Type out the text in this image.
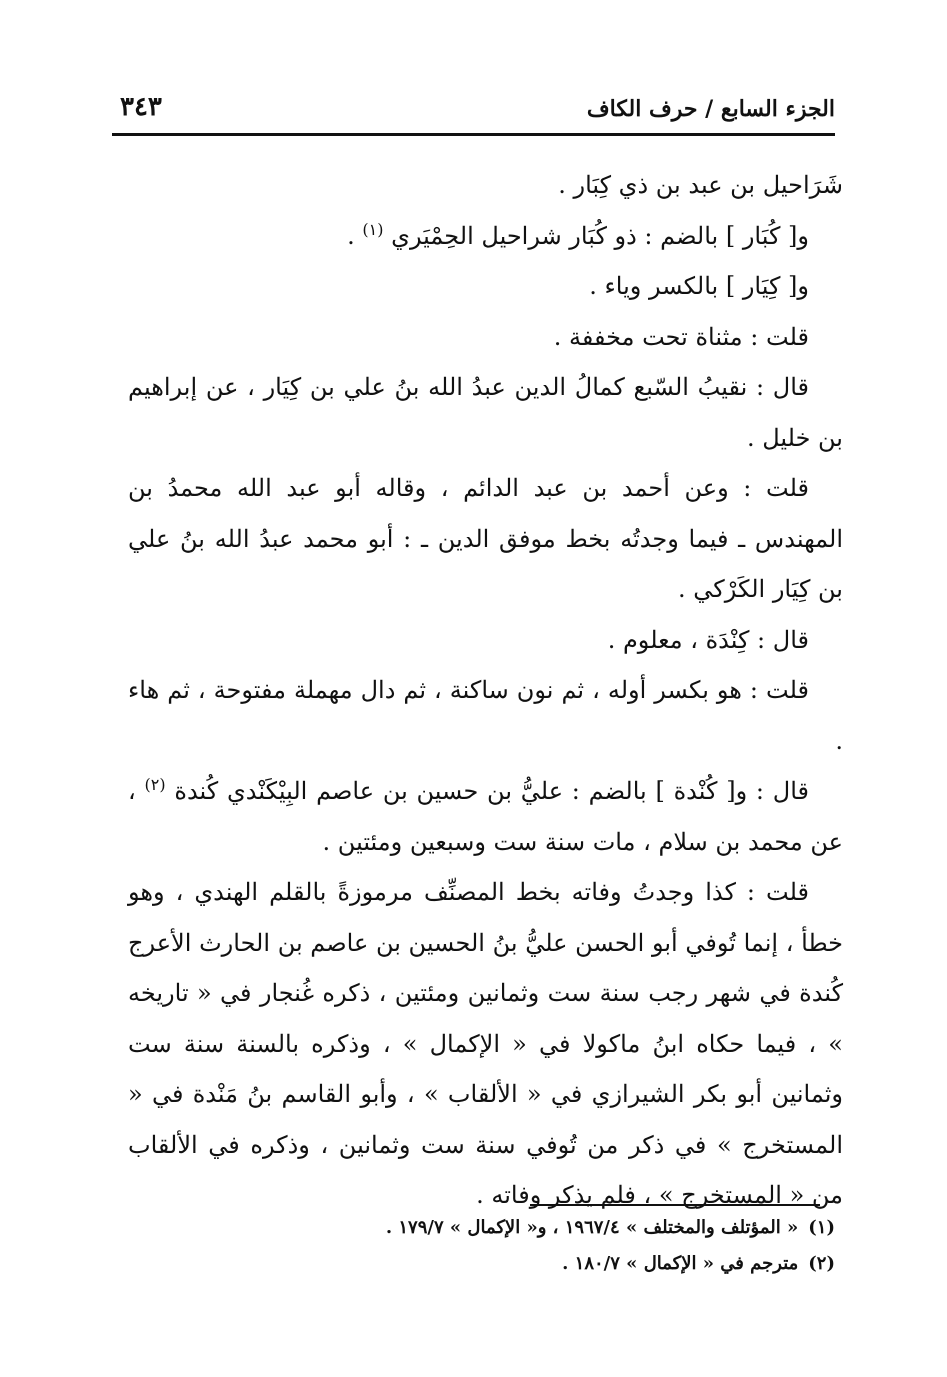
الجزء السابع / حرف الكاف
٣٤٣

شَرَاحيل بن عبد بن ذي كِبَار .

و[ كُبَار ] بالضم : ذو كُبَار شراحيل الحِمْيَري $^{(١)}$ .

و[ كِيَار ] بالكسر وياء .

قلت : مثناة تحت مخففة .

قال : نقيبُ السّبع كمالُ الدين عبدُ الله بنُ علي بن كِيَار ، عن إبراهيم بن خليل .

قلت : وعن أحمد بن عبد الدائم ، وقاله أبو عبد الله محمدُ بن المهندس ـ فيما وجدتُه بخط موفق الدين ـ : أبو محمد عبدُ الله بنُ علي بن كِيَار الكَرْكي .

قال : كِنْدَة ، معلوم .

قلت : هو بكسر أوله ، ثم نون ساكنة ، ثم دال مهملة مفتوحة ، ثم هاء .

قال : و[ كُنْدة ] بالضم : عليُّ بن حسين بن عاصم البِيْكَنْدي كُندة $^{(٢)}$ ، عن محمد بن سلام ، مات سنة ست وسبعين ومئتين .

قلت : كذا وجدتُ وفاته بخط المصنِّف مرموزةً بالقلم الهندي ، وهو خطأ ، إنما تُوفي أبو الحسن عليُّ بنُ الحسين بن عاصم بن الحارث الأعرج كُندة في شهر رجب سنة ست وثمانين ومئتين ، ذكره غُنجار في « تاريخه » ، فيما حكاه ابنُ ماكولا في « الإكمال » ، وذكره بالسنة سنة ست وثمانين أبو بكر الشيرازي في « الألقاب » ، وأبو القاسم بنُ مَنْدة في « المستخرج » في ذكر من تُوفي سنة ست وثمانين ، وذكره في الألقاب من « المستخرج » ، فلم يذكر وفاته .

(١)« المؤتلف والمختلف » ١٩٦٧/٤ ، و« الإكمال » ١٧٩/٧ .

(٢)مترجم في « الإكمال » ١٨٠/٧ .
